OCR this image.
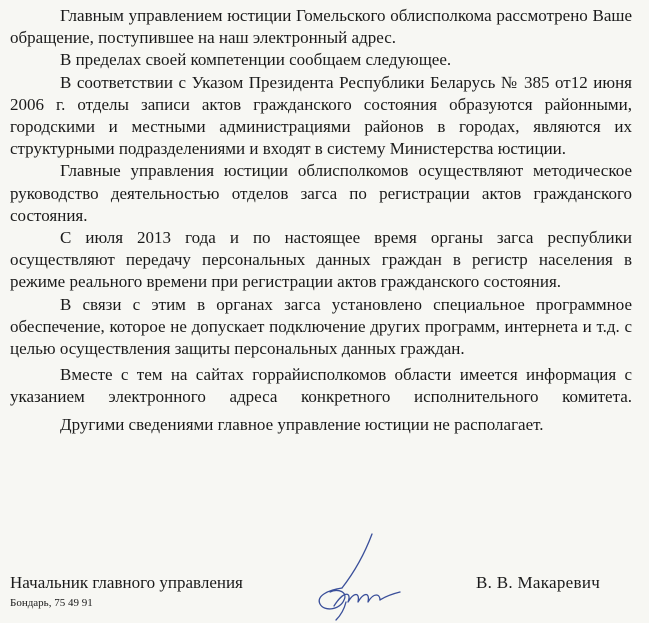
Главным управлением юстиции Гомельского облисполкома рассмотрено Ваше обращение, поступившее на наш электронный адрес.

В пределах своей компетенции сообщаем следующее.

В соответствии с Указом Президента Республики Беларусь № 385 от12 июня 2006 г. отделы записи актов гражданского состояния образуются районными, городскими и местными администрациями районов в городах, являются их структурными подразделениями и входят в систему Министерства юстиции.

Главные управления юстиции облисполкомов осуществляют методическое руководство деятельностью отделов загса по регистрации актов гражданского состояния.

С июля 2013 года и по настоящее время органы загса республики осуществляют передачу персональных данных граждан в регистр населения в режиме реального времени при регистрации актов гражданского состояния.

В связи с этим в органах загса установлено специальное программное обеспечение, которое не допускает подключение других программ, интернета и т.д. с целью осуществления защиты персональных данных граждан.

Вместе с тем на сайтах горрайисполкомов области имеется информация с указанием электронного адреса конкретного исполнительного комитета.

Другими сведениями главное управление юстиции не располагает.

Начальник главного управления
Бондарь, 75 49 91
В. В. Макаревич
